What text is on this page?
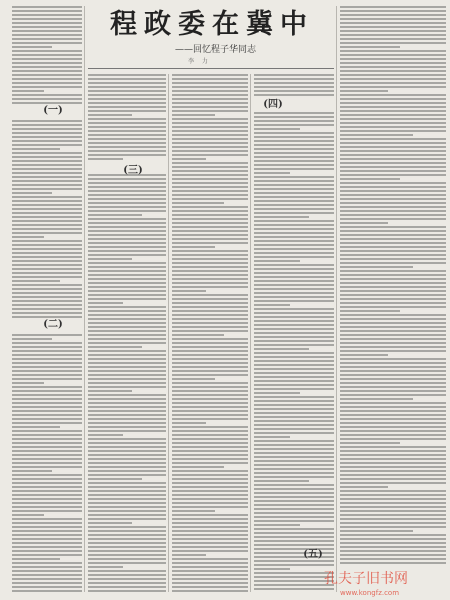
程政委在冀中
——回忆程子华同志
李 力
(一)
(二)
(三)
(四)
(五)
孔夫子旧书网
www.kongfz.com
